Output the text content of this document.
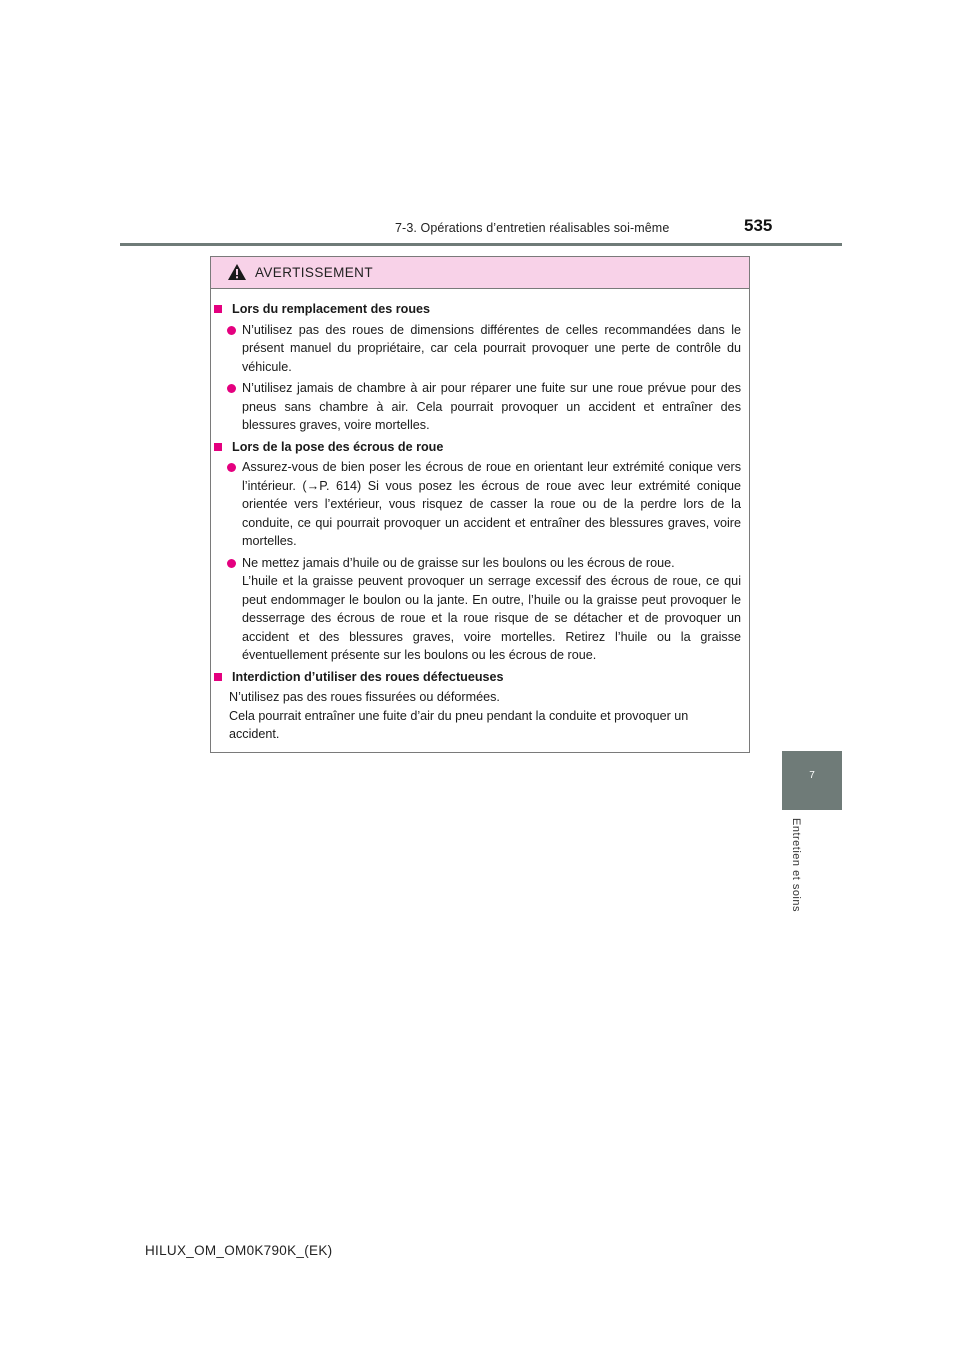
7-3. Opérations d’entretien réalisables soi-même	535
7
Entretien et soins
AVERTISSEMENT
Lors du remplacement des roues
N’utilisez pas des roues de dimensions différentes de celles recommandées dans le présent manuel du propriétaire, car cela pourrait provoquer une perte de contrôle du véhicule.
N’utilisez jamais de chambre à air pour réparer une fuite sur une roue prévue pour des pneus sans chambre à air. Cela pourrait provoquer un accident et entraîner des blessures graves, voire mortelles.
Lors de la pose des écrous de roue
Assurez-vous de bien poser les écrous de roue en orientant leur extrémité conique vers l’intérieur. (→P. 614) Si vous posez les écrous de roue avec leur extrémité conique orientée vers l’extérieur, vous risquez de casser la roue ou de la perdre lors de la conduite, ce qui pourrait provoquer un accident et entraîner des blessures graves, voire mortelles.
Ne mettez jamais d’huile ou de graisse sur les boulons ou les écrous de roue.
L’huile et la graisse peuvent provoquer un serrage excessif des écrous de roue, ce qui peut endommager le boulon ou la jante. En outre, l’huile ou la graisse peut provoquer le desserrage des écrous de roue et la roue risque de se détacher et de provoquer un accident et des blessures graves, voire mortelles. Retirez l’huile ou la graisse éventuellement présente sur les boulons ou les écrous de roue.
Interdiction d’utiliser des roues défectueuses
N’utilisez pas des roues fissurées ou déformées.
Cela pourrait entraîner une fuite d’air du pneu pendant la conduite et provoquer un accident.
HILUX_OM_OM0K790K_(EK)
